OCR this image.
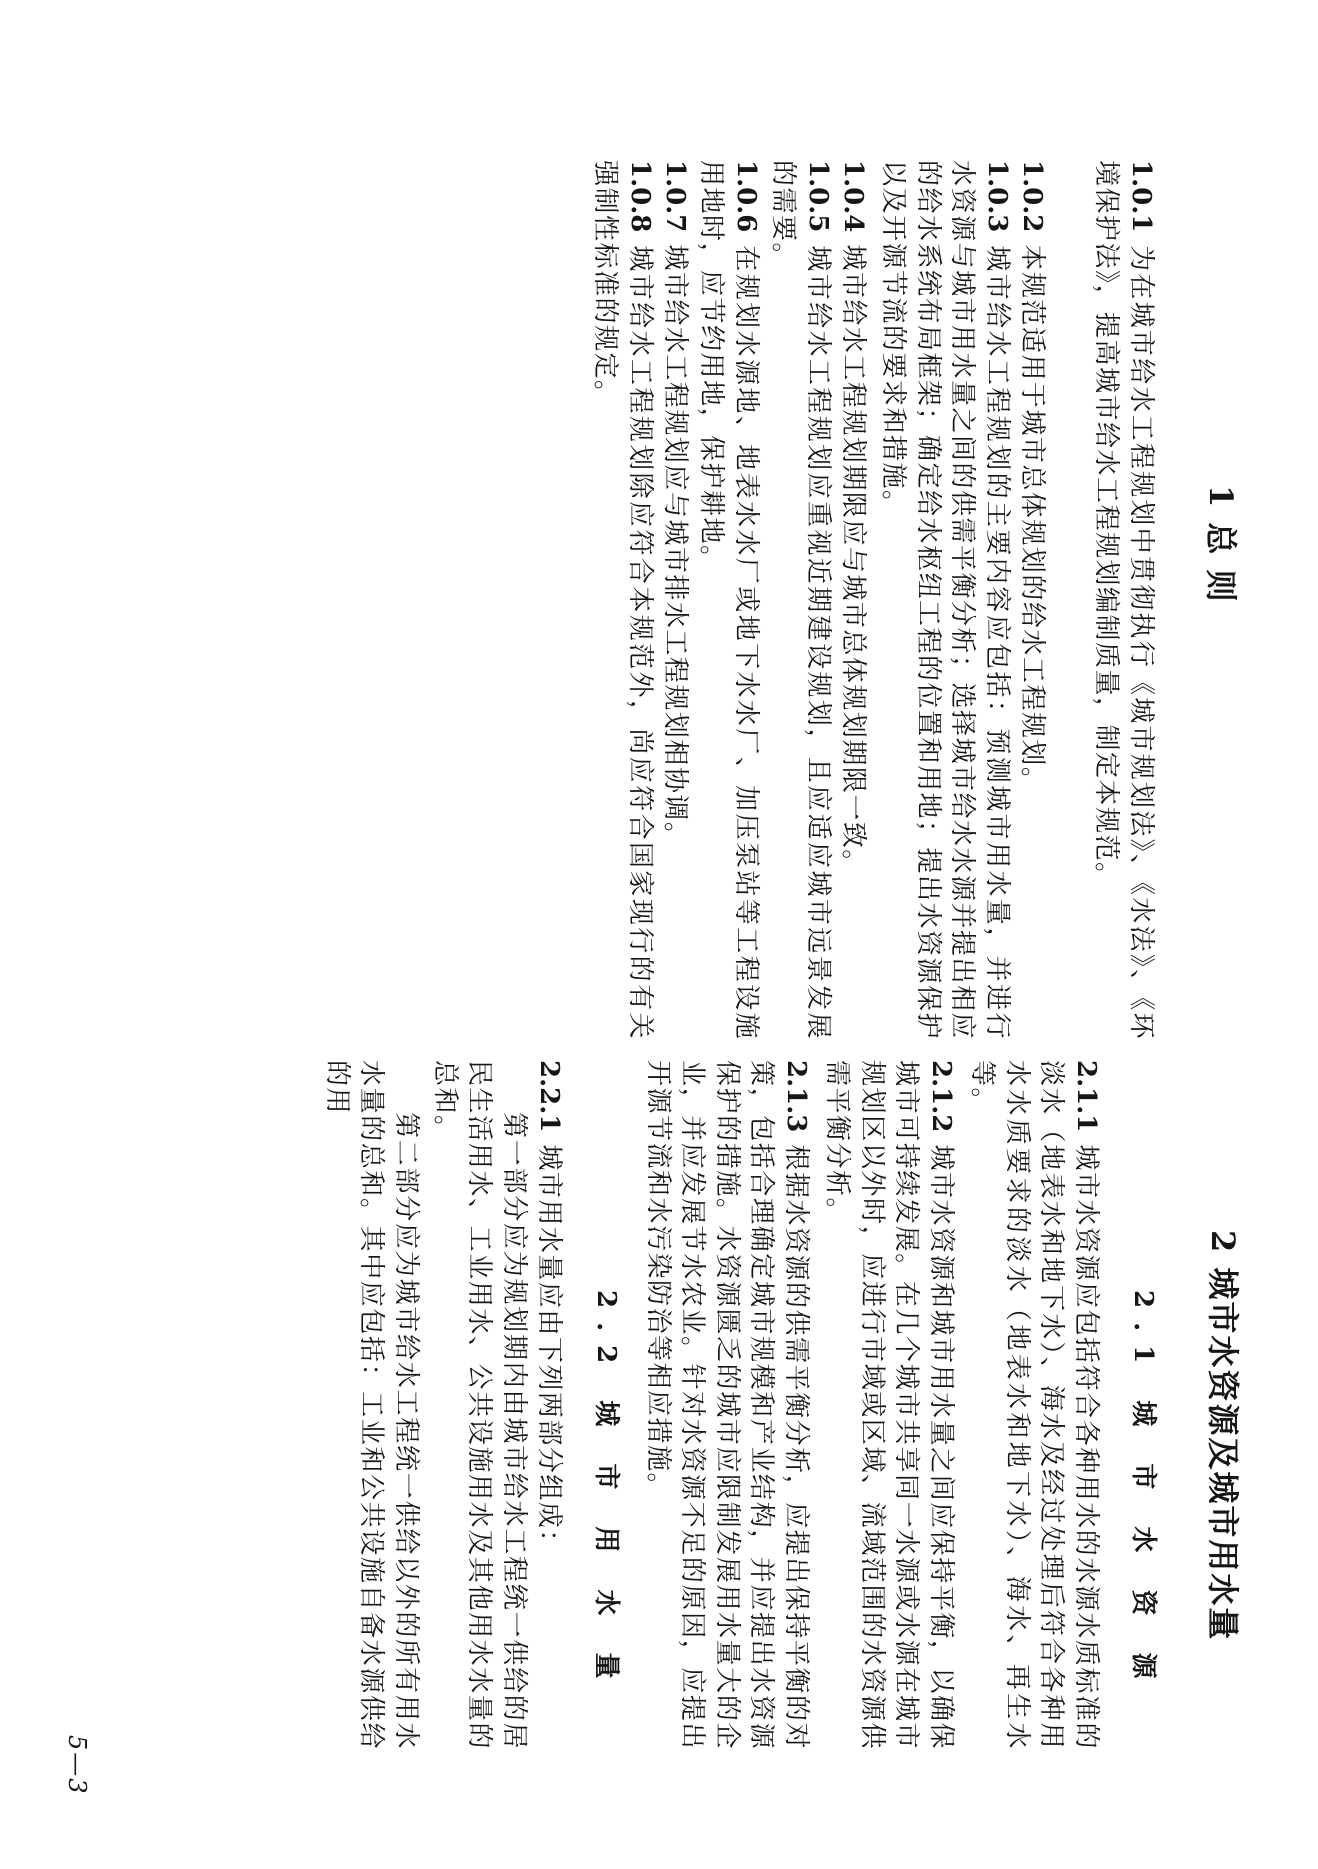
1 总 则

1.0.1为在城市给水工程规划中贯彻执行《城市规划法》、《水法》、《环境保护法》，提高城市给水工程规划编制质量，制定本规范。

1.0.2本规范适用于城市总体规划的给水工程规划。

1.0.3城市给水工程规划的主要内容应包括：预测城市用水量，并进行水资源与城市用水量之间的供需平衡分析；选择城市给水水源并提出相应的给水系统布局框架；确定给水枢纽工程的位置和用地；提出水资源保护以及开源节流的要求和措施。

1.0.4城市给水工程规划期限应与城市总体规划期限一致。

1.0.5城市给水工程规划应重视近期建设规划，且应适应城市远景发展的需要。

1.0.6在规划水源地、地表水水厂或地下水水厂、加压泵站等工程设施用地时，应节约用地，保护耕地。

1.0.7城市给水工程规划应与城市排水工程规划相协调。

1.0.8城市给水工程规划除应符合本规范外，尚应符合国家现行的有关强制性标准的规定。

2 城市水资源及城市用水量
2.1 城 市 水 资 源

2.1.1城市水资源应包括符合各种用水的水源水质标准的淡水（地表水和地下水）、海水及经过处理后符合各种用水水质要求的淡水（地表水和地下水）、海水、再生水等。

2.1.2城市水资源和城市用水量之间应保持平衡，以确保城市可持续发展。在几个城市共享同一水源或水源在城市规划区以外时，应进行市域或区域、流域范围的水资源供需平衡分析。

2.1.3根据水资源的供需平衡分析，应提出保持平衡的对策，包括合理确定城市规模和产业结构，并应提出水资源保护的措施。水资源匮乏的城市应限制发展用水量大的企业，并应发展节水农业。针对水资源不足的原因，应提出开源节流和水污染防治等相应措施。

2.2 城 市 用 水 量

2.2.1城市用水量应由下列两部分组成：

第一部分应为规划期内由城市给水工程统一供给的居民生活用水、工业用水、公共设施用水及其他用水水量的总和。

第二部分应为城市给水工程统一供给以外的所有用水水量的总和。其中应包括：工业和公共设施自备水源供给的用

5—3
